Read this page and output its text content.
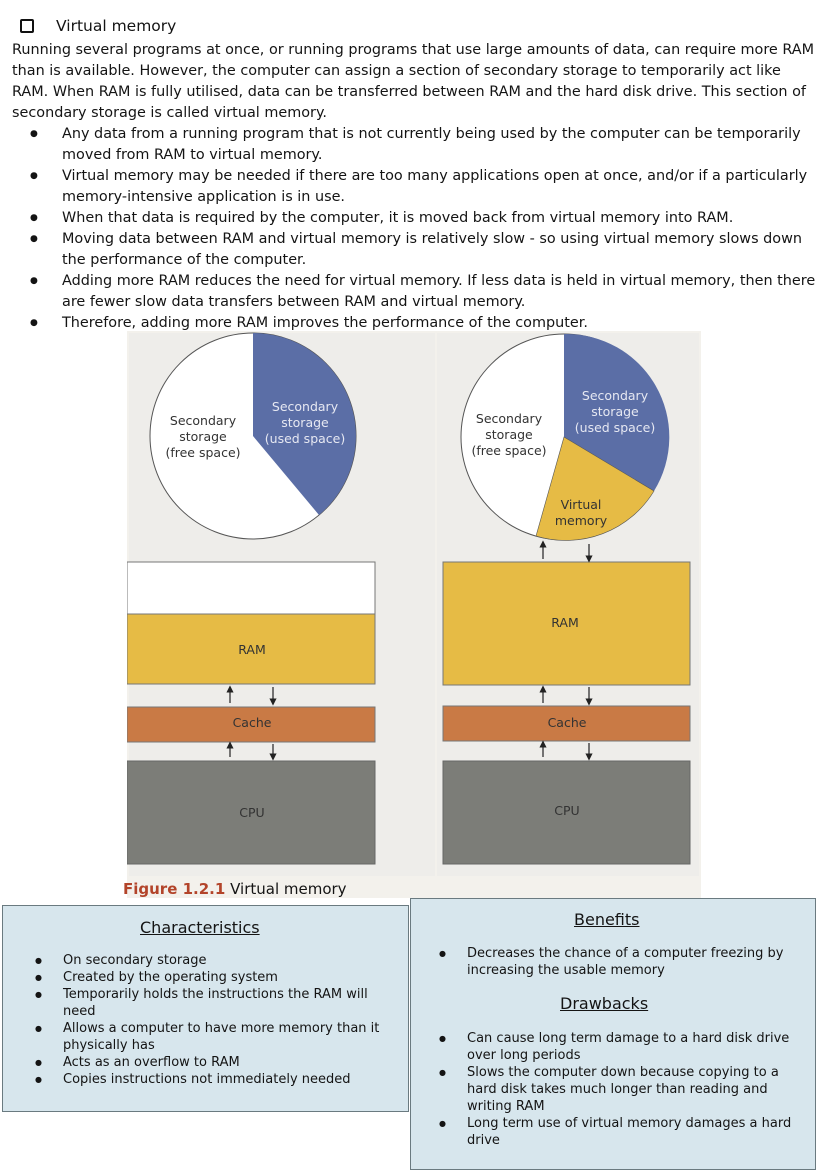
Virtual memory

Running several programs at once, or running programs that use large amounts of data, can require more RAM than is available. However, the computer can assign a section of secondary storage to temporarily act like RAM. When RAM is fully utilised, data can be transferred between RAM and the hard disk drive. This section of secondary storage is called virtual memory.

● Any data from a running program that is not currently being used by the computer can be temporarily moved from RAM to virtual memory.
● Virtual memory may be needed if there are too many applications open at once, and/or if a particularly memory-intensive application is in use.
● When that data is required by the computer, it is moved back from virtual memory into RAM.
● Moving data between RAM and virtual memory is relatively slow - so using virtual memory slows down the performance of the computer.
● Adding more RAM reduces the need for virtual memory. If less data is held in virtual memory, then there are fewer slow data transfers between RAM and virtual memory.
● Therefore, adding more RAM improves the performance of the computer.
Secondary
storage
(free space)
Secondary
storage
(used space)
RAM
Cache
CPU
Secondary
storage
(free space)
Secondary
storage
(used space)
Virtual
memory
RAM
Cache
CPU
Figure 1.2.1 Virtual memory
Characteristics
● On secondary storage
● Created by the operating system
● Temporarily holds the instructions the RAM will need
● Allows a computer to have more memory than it physically has
● Acts as an overflow to RAM
● Copies instructions not immediately needed
Benefits
● Decreases the chance of a computer freezing by increasing the usable memory
Drawbacks
● Can cause long term damage to a hard disk drive over long periods
● Slows the computer down because copying to a hard disk takes much longer than reading and writing RAM
● Long term use of virtual memory damages a hard drive
